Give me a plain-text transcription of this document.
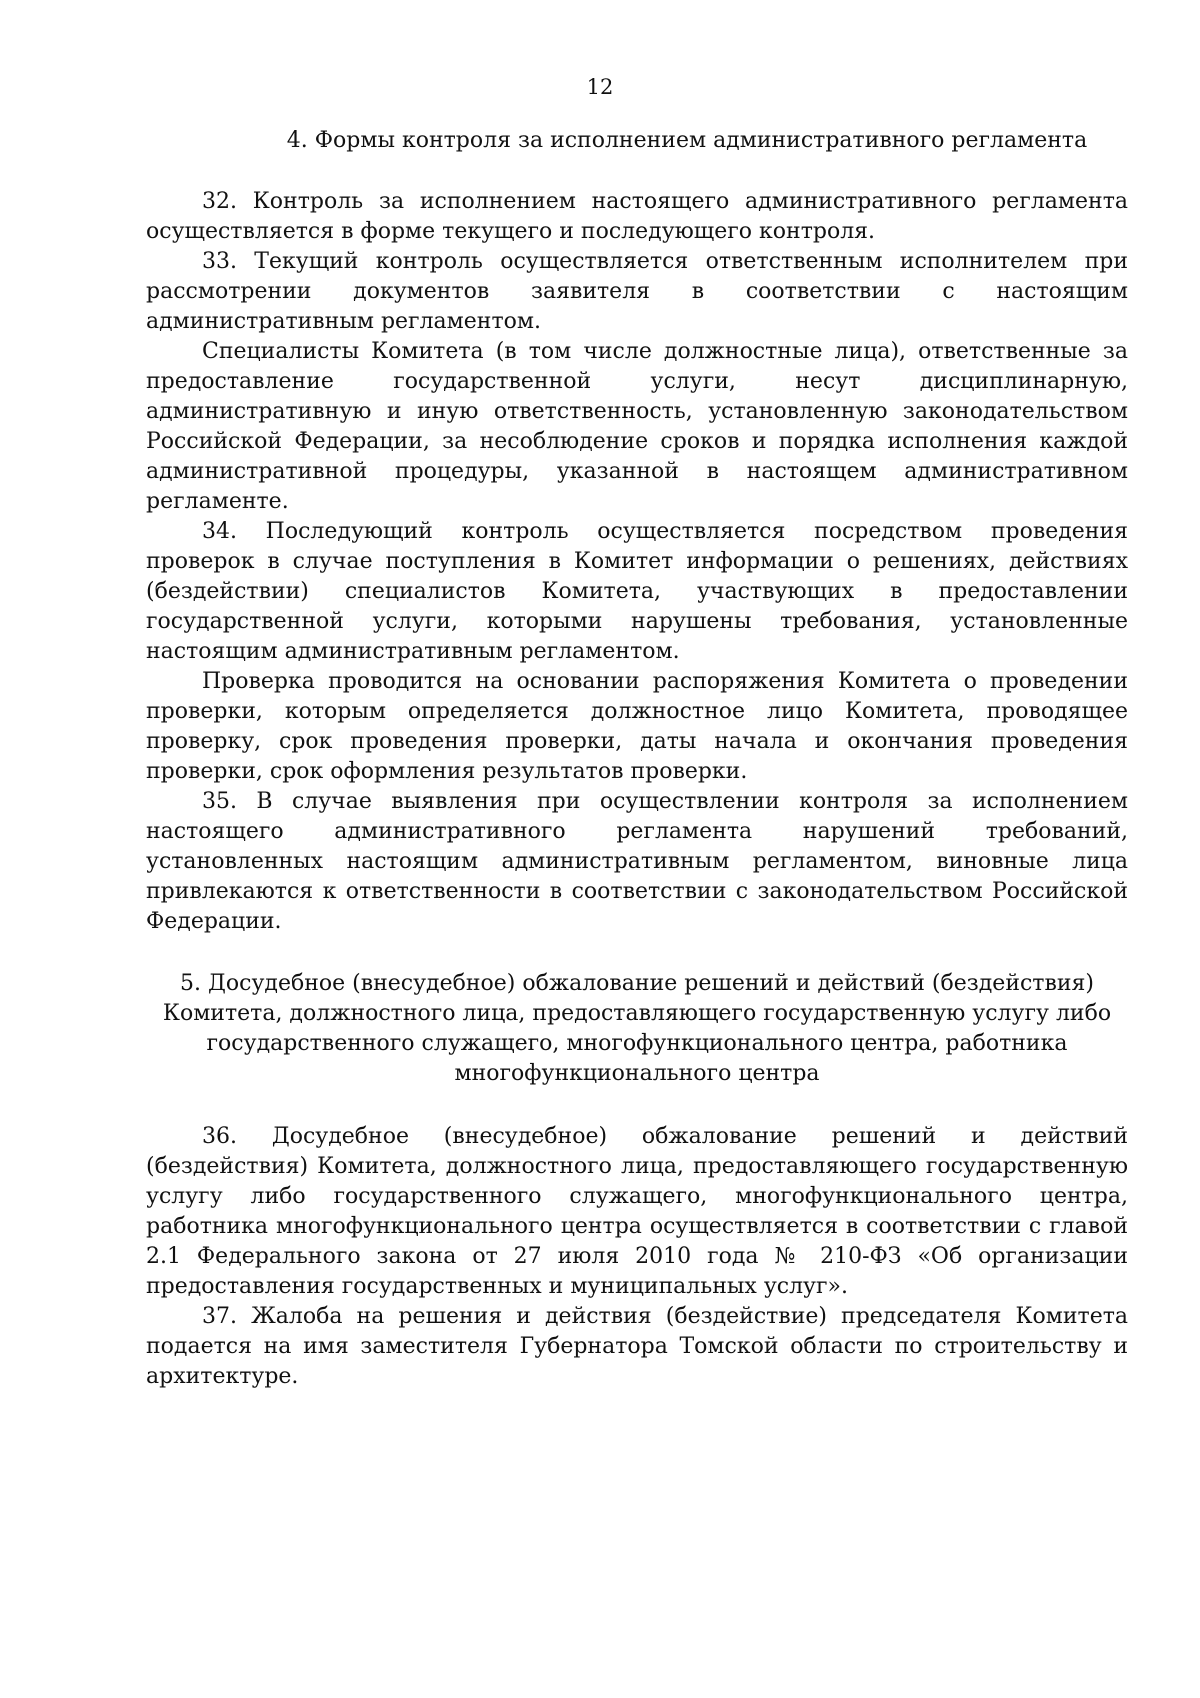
12
4. Формы контроля за исполнением административного регламента

32. Контроль за исполнением настоящего административного регламента осуществляется в форме текущего и последующего контроля.

33. Текущий контроль осуществляется ответственным исполнителем при рассмотрении документов заявителя в соответствии с настоящим административным регламентом.

Специалисты Комитета (в том числе должностные лица), ответственные за предоставление государственной услуги, несут дисциплинарную, административную и иную ответственность, установленную законодательством Российской Федерации, за несоблюдение сроков и порядка исполнения каждой административной процедуры, указанной в настоящем административном регламенте.

34. Последующий контроль осуществляется посредством проведения проверок в случае поступления в Комитет информации о решениях, действиях (бездействии) специалистов Комитета, участвующих в предоставлении государственной услуги, которыми нарушены требования, установленные настоящим административным регламентом.

Проверка проводится на основании распоряжения Комитета о проведении проверки, которым определяется должностное лицо Комитета, проводящее проверку, срок проведения проверки, даты начала и окончания проведения проверки, срок оформления результатов проверки.

35. В случае выявления при осуществлении контроля за исполнением настоящего административного регламента нарушений требований, установленных настоящим административным регламентом, виновные лица привлекаются к ответственности в соответствии с законодательством Российской Федерации.

5. Досудебное (внесудебное) обжалование решений и действий (бездействия)
Комитета, должностного лица, предоставляющего государственную услугу либо
государственного служащего, многофункционального центра, работника
многофункционального центра

36. Досудебное (внесудебное) обжалование решений и действий (бездействия) Комитета, должностного лица, предоставляющего государственную услугу либо государственного служащего, многофункционального центра, работника многофункционального центра осуществляется в соответствии с главой 2.1 Федерального закона от 27 июля 2010 года № 210-ФЗ «Об организации предоставления государственных и муниципальных услуг».

37. Жалоба на решения и действия (бездействие) председателя Комитета подается на имя заместителя Губернатора Томской области по строительству и архитектуре.
